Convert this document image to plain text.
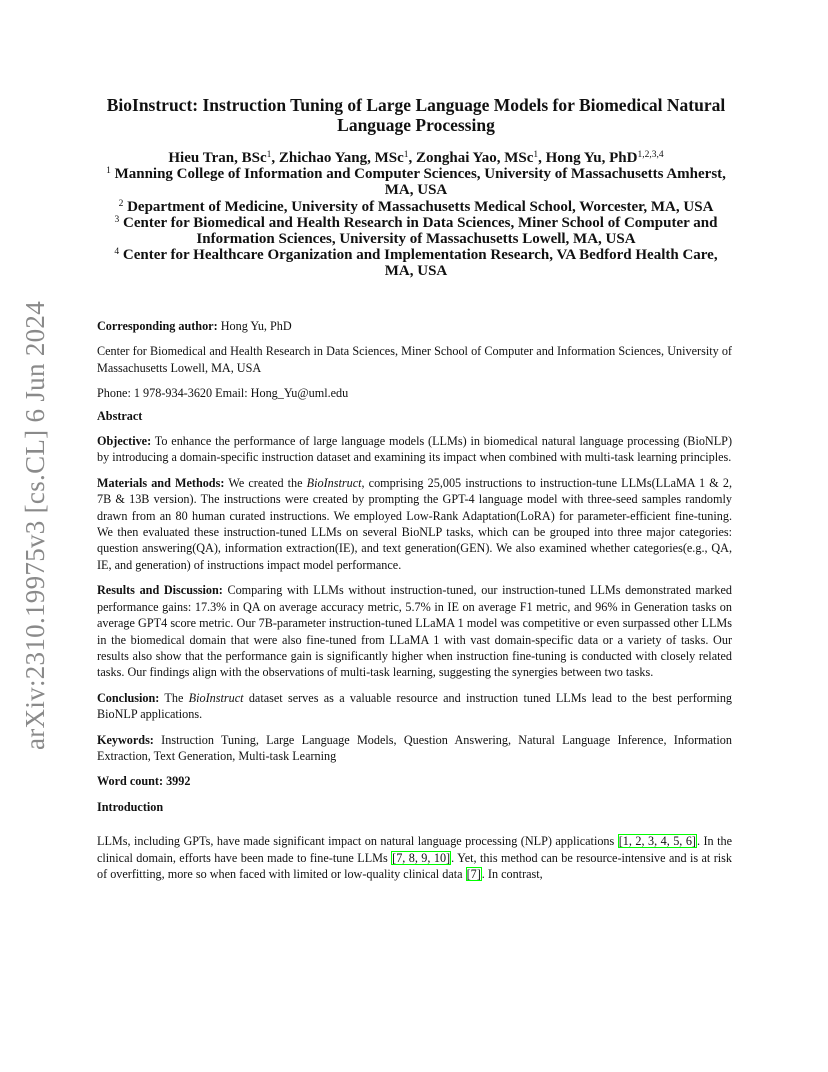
arXiv:2310.19975v3 [cs.CL] 6 Jun 2024
BioInstruct: Instruction Tuning of Large Language Models for Biomedical Natural Language Processing
Hieu Tran, BSc$^1$, Zhichao Yang, MSc$^1$, Zonghai Yao, MSc$^1$, Hong Yu, PhD$^{1,2,3,4}$
$^1$ Manning College of Information and Computer Sciences, University of Massachusetts Amherst, MA, USA
$^2$ Department of Medicine, University of Massachusetts Medical School, Worcester, MA, USA
$^3$ Center for Biomedical and Health Research in Data Sciences, Miner School of Computer and Information Sciences, University of Massachusetts Lowell, MA, USA
$^4$ Center for Healthcare Organization and Implementation Research, VA Bedford Health Care, MA, USA

Corresponding author: Hong Yu, PhD

Center for Biomedical and Health Research in Data Sciences, Miner School of Computer and Information Sciences, University of Massachusetts Lowell, MA, USA

Phone: 1 978-934-3620 Email: Hong_Yu@uml.edu

Abstract

Objective: To enhance the performance of large language models (LLMs) in biomedical natural language processing (BioNLP) by introducing a domain-specific instruction dataset and examining its impact when combined with multi-task learning principles.

Materials and Methods: We created the BioInstruct, comprising 25,005 instructions to instruction-tune LLMs(LLaMA 1 & 2, 7B & 13B version). The instructions were created by prompting the GPT-4 language model with three-seed samples randomly drawn from an 80 human curated instructions. We employed Low-Rank Adaptation(LoRA) for parameter-efficient fine-tuning. We then evaluated these instruction-tuned LLMs on several BioNLP tasks, which can be grouped into three major categories: question answering(QA), information extraction(IE), and text generation(GEN). We also examined whether categories(e.g., QA, IE, and generation) of instructions impact model performance.

Results and Discussion: Comparing with LLMs without instruction-tuned, our instruction-tuned LLMs demonstrated marked performance gains: 17.3% in QA on average accuracy metric, 5.7% in IE on average F1 metric, and 96% in Generation tasks on average GPT4 score metric. Our 7B-parameter instruction-tuned LLaMA 1 model was competitive or even surpassed other LLMs in the biomedical domain that were also fine-tuned from LLaMA 1 with vast domain-specific data or a variety of tasks. Our results also show that the performance gain is significantly higher when instruction fine-tuning is conducted with closely related tasks. Our findings align with the observations of multi-task learning, suggesting the synergies between two tasks.

Conclusion: The BioInstruct dataset serves as a valuable resource and instruction tuned LLMs lead to the best performing BioNLP applications.

Keywords: Instruction Tuning, Large Language Models, Question Answering, Natural Language Inference, Information Extraction, Text Generation, Multi-task Learning

Word count: 3992

Introduction

LLMs, including GPTs, have made significant impact on natural language processing (NLP) applications [1, 2, 3, 4, 5, 6]. In the clinical domain, efforts have been made to fine-tune LLMs [7, 8, 9, 10]. Yet, this method can be resource-intensive and is at risk of overfitting, more so when faced with limited or low-quality clinical data [7]. In contrast,
